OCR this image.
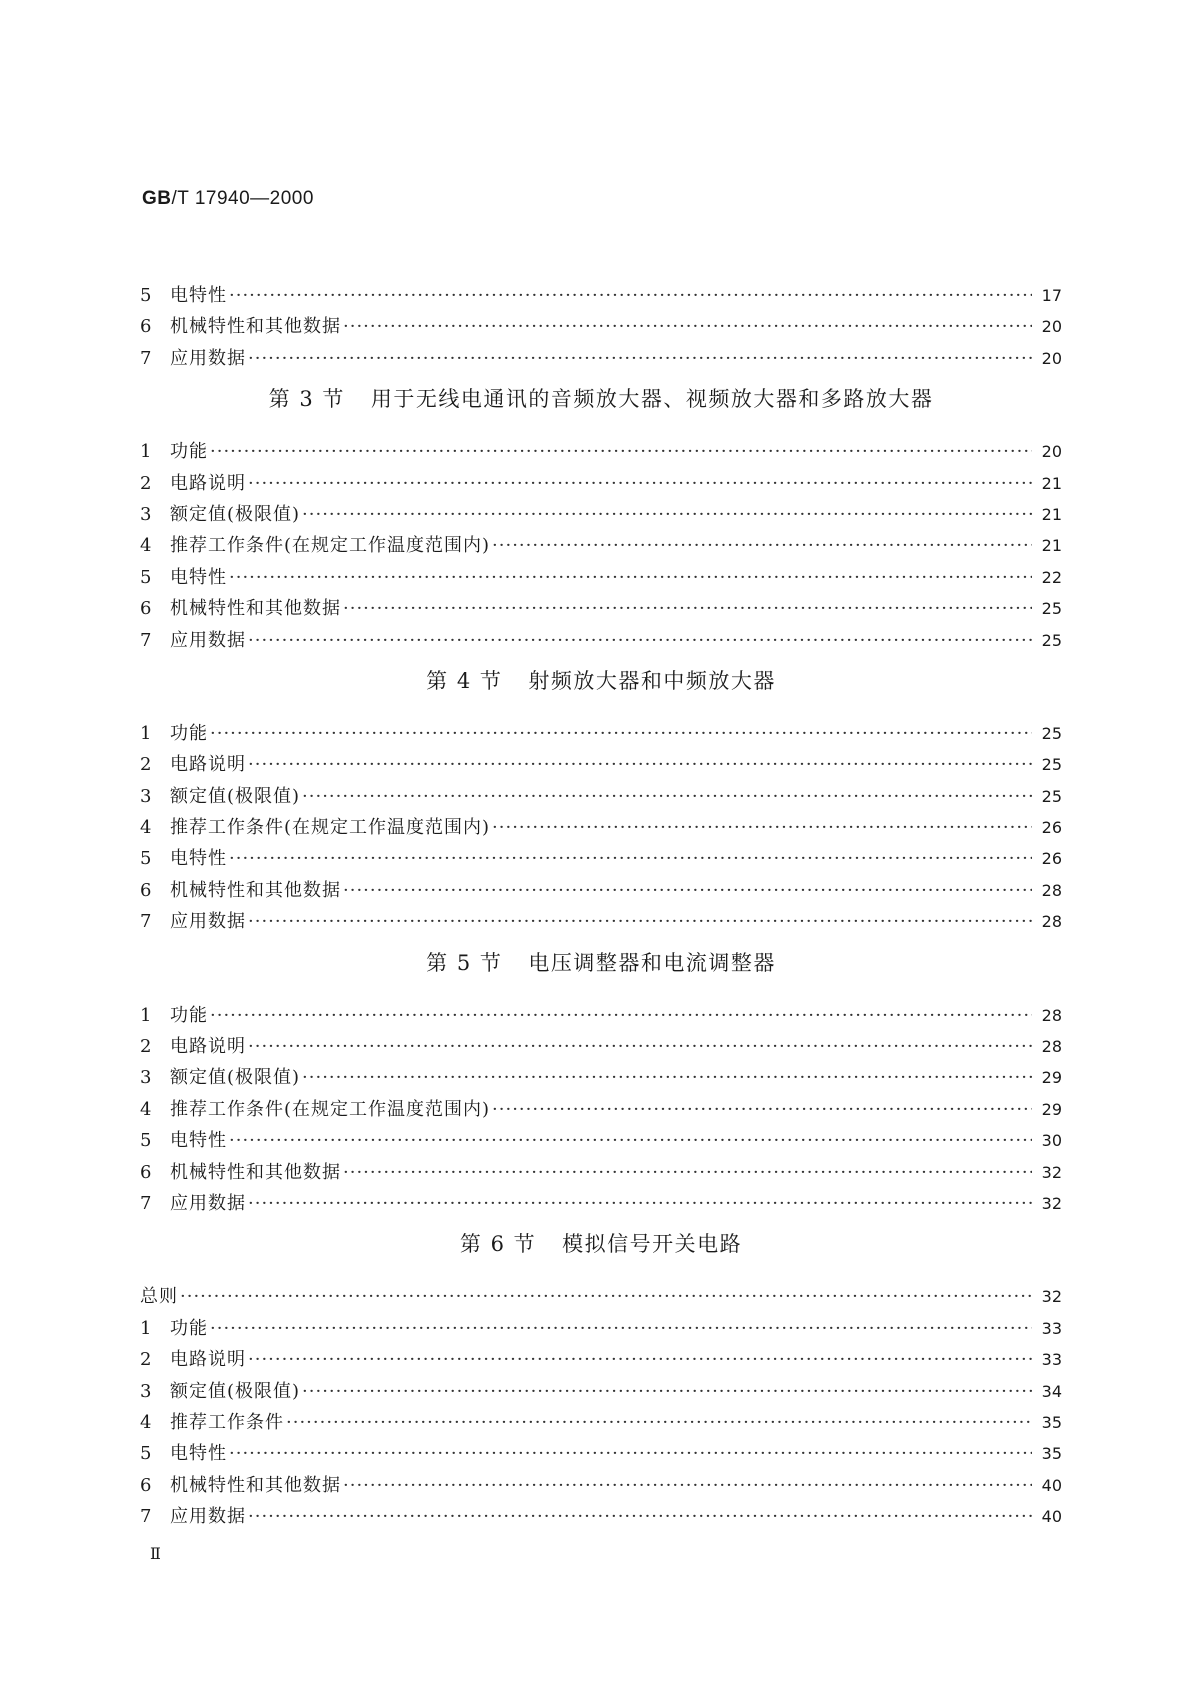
GB/T 17940—2000
5	电特性 ·····	17
6	机械特性和其他数据 ·····	20
7	应用数据 ·····	20
第 3 节 用于无线电通讯的音频放大器、视频放大器和多路放大器
1	功能 ·····	20
2	电路说明 ·····	21
3	额定值(极限值) ·····	21
4	推荐工作条件(在规定工作温度范围内) ·····	21
5	电特性 ·····	22
6	机械特性和其他数据 ·····	25
7	应用数据 ·····	25
第 4 节 射频放大器和中频放大器
1	功能 ·····	25
2	电路说明 ·····	25
3	额定值(极限值) ·····	25
4	推荐工作条件(在规定工作温度范围内) ·····	26
5	电特性 ·····	26
6	机械特性和其他数据 ·····	28
7	应用数据 ·····	28
第 5 节 电压调整器和电流调整器
1	功能 ·····	28
2	电路说明 ·····	28
3	额定值(极限值) ·····	29
4	推荐工作条件(在规定工作温度范围内) ·····	29
5	电特性 ·····	30
6	机械特性和其他数据 ·····	32
7	应用数据 ·····	32
第 6 节 模拟信号开关电路
总则 ·····	32
1	功能 ·····	33
2	电路说明 ·····	33
3	额定值(极限值) ·····	34
4	推荐工作条件 ·····	35
5	电特性 ·····	35
6	机械特性和其他数据 ·····	40
7	应用数据 ·····	40
Ⅱ
